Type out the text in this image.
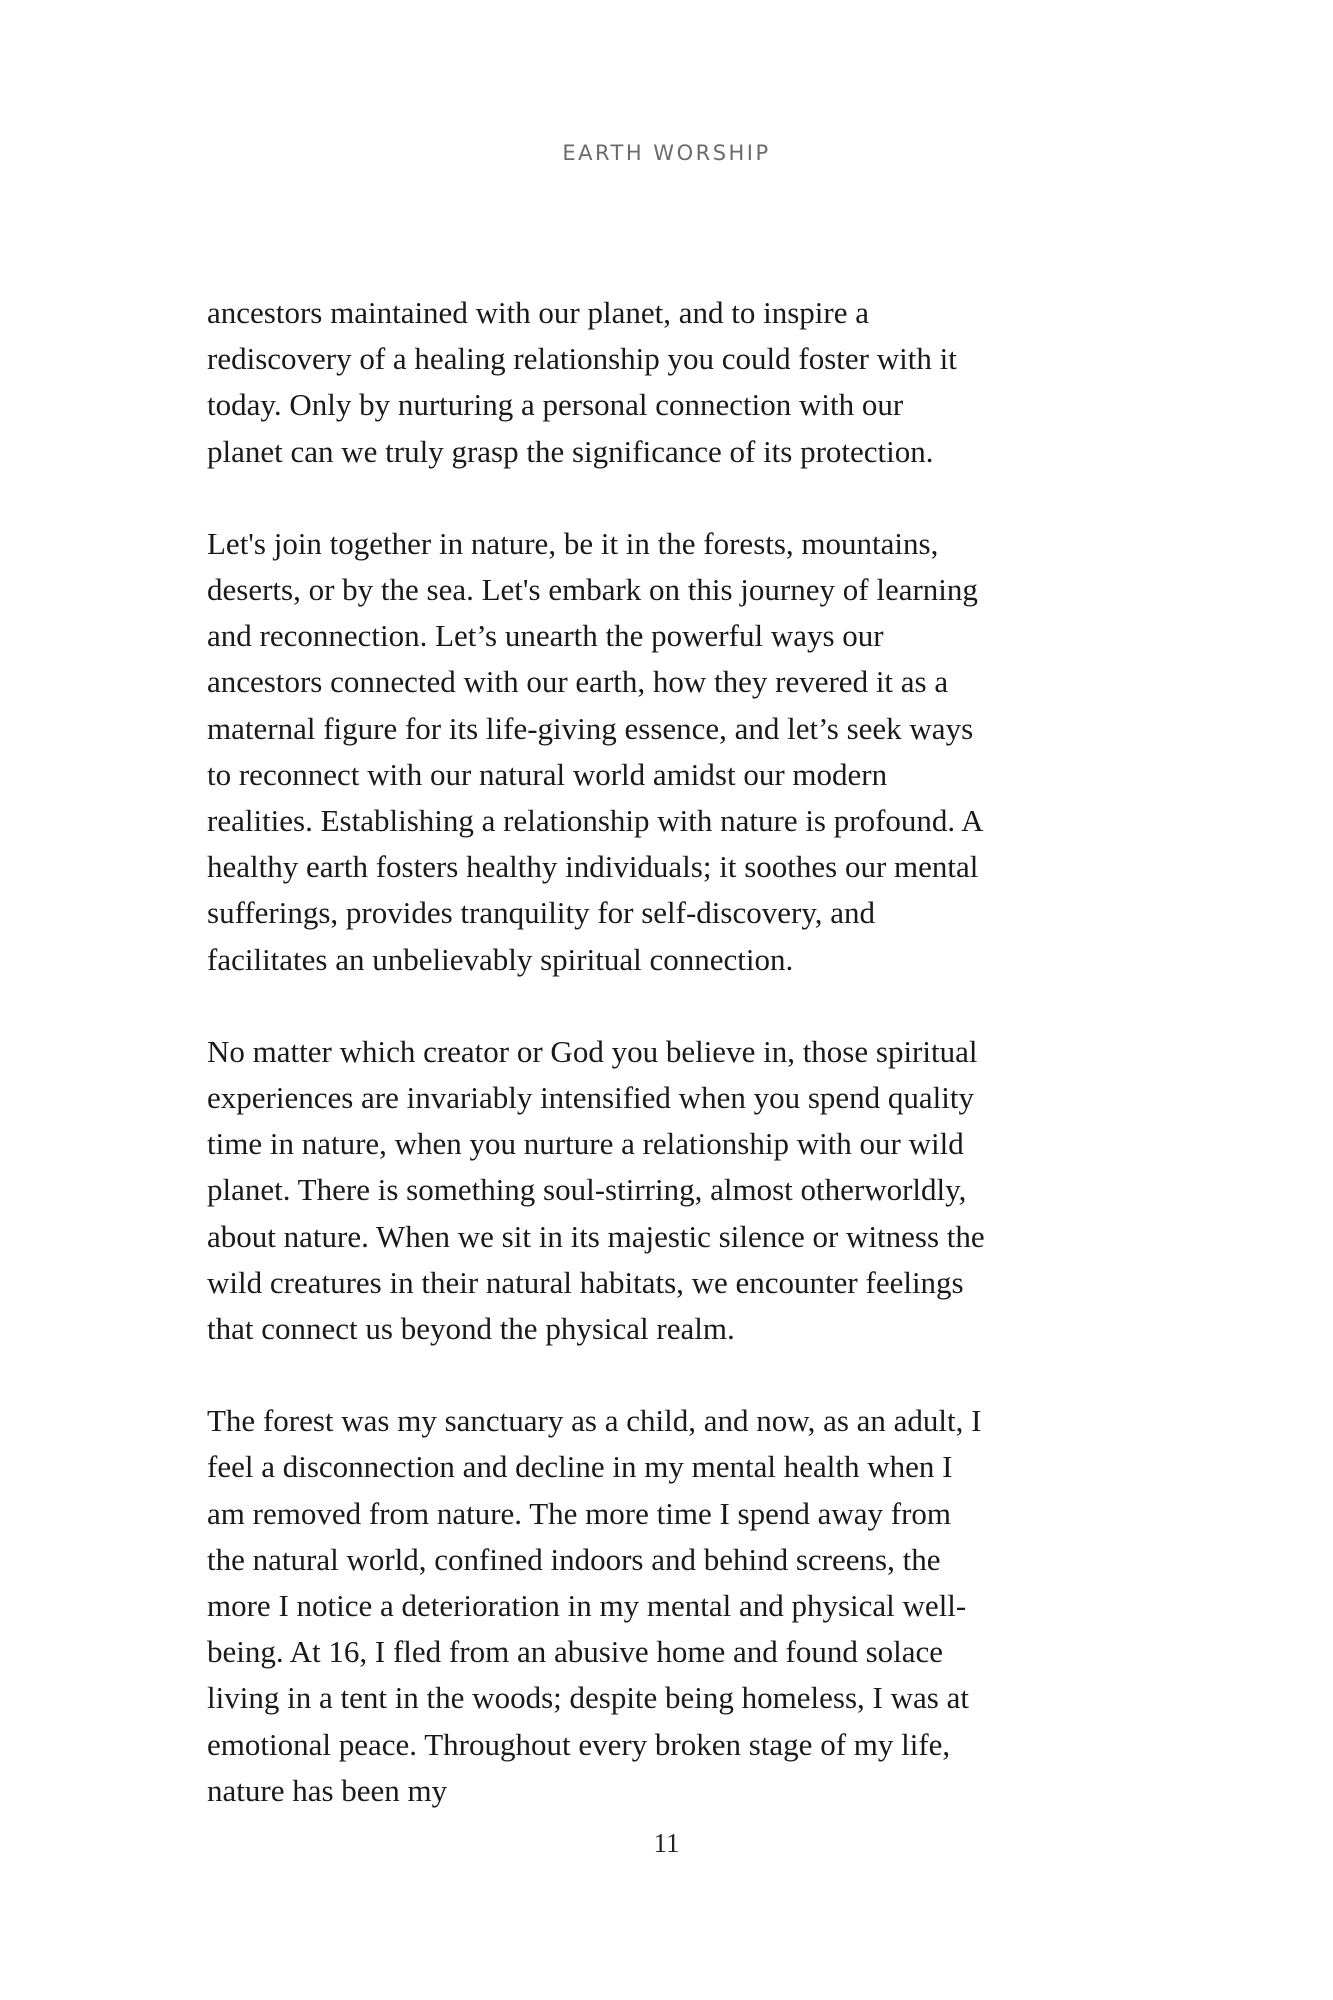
EARTH WORSHIP

ancestors maintained with our planet, and to inspire a
rediscovery of a healing relationship you could foster with it
today. Only by nurturing a personal connection with our
planet can we truly grasp the significance of its protection.

Let's join together in nature, be it in the forests, mountains,
deserts, or by the sea. Let's embark on this journey of learning
and reconnection. Let’s unearth the powerful ways our
ancestors connected with our earth, how they revered it as a
maternal figure for its life-giving essence, and let’s seek ways
to reconnect with our natural world amidst our modern
realities. Establishing a relationship with nature is profound. A
healthy earth fosters healthy individuals; it soothes our mental
sufferings, provides tranquility for self-discovery, and
facilitates an unbelievably spiritual connection.

No matter which creator or God you believe in, those spiritual
experiences are invariably intensified when you spend quality
time in nature, when you nurture a relationship with our wild
planet. There is something soul-stirring, almost otherworldly,
about nature. When we sit in its majestic silence or witness the
wild creatures in their natural habitats, we encounter feelings
that connect us beyond the physical realm.

The forest was my sanctuary as a child, and now, as an adult, I
feel a disconnection and decline in my mental health when I
am removed from nature. The more time I spend away from
the natural world, confined indoors and behind screens, the
more I notice a deterioration in my mental and physical well-
being. At 16, I fled from an abusive home and found solace
living in a tent in the woods; despite being homeless, I was at
emotional peace. Throughout every broken stage of my life,
nature has been my

11
